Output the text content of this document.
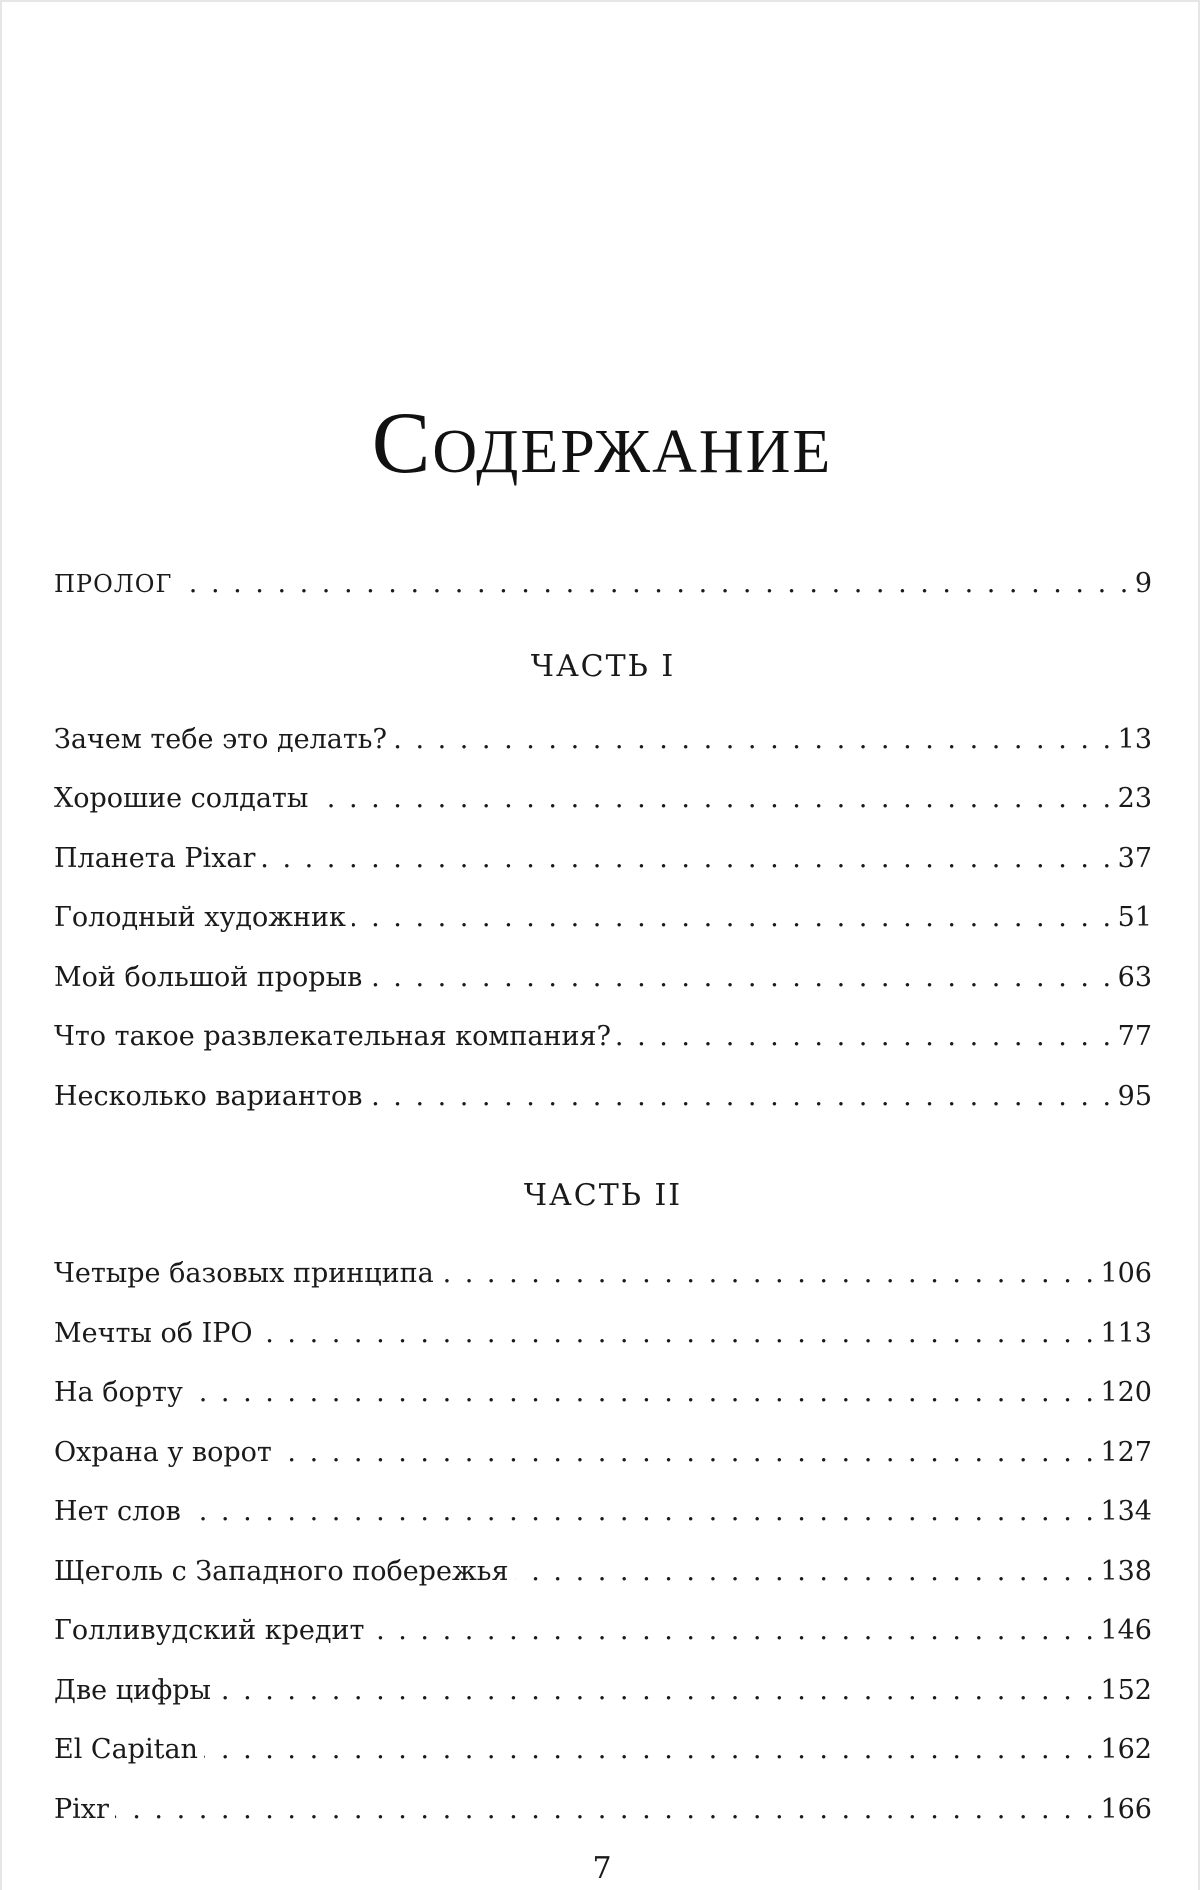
Содержание
ПРОЛОГ . . .	9
ЧАСТЬ I
Зачем тебе это делать? . . .	13
Хорошие солдаты . . .	23
Планета Pixar . . .	37
Голодный художник . . .	51
Мой большой прорыв . . .	63
Что такое развлекательная компания? . . .	77
Несколько вариантов . . .	95
ЧАСТЬ II
Четыре базовых принципа . . .	106
Мечты об IPO . . .	113
На борту . . .	120
Охрана у ворот . . .	127
Нет слов . . .	134
Щеголь с Западного побережья . . .	138
Голливудский кредит . . .	146
Две цифры . . .	152
El Capitan . . .	162
Pixr . . .	166
7
